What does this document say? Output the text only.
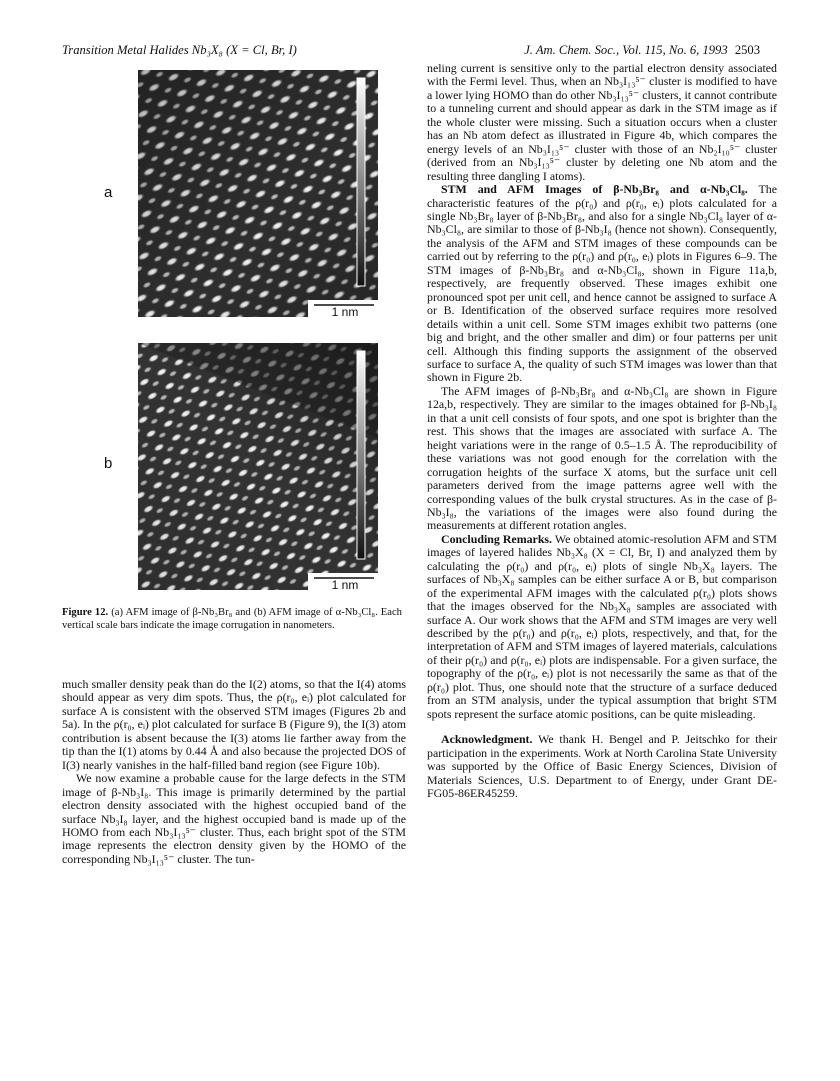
Transition Metal Halides Nb₃X₈ (X = Cl, Br, I)	J. Am. Chem. Soc., Vol. 115, No. 6, 1993 2503
a
1 nm
b
1 nm
Figure 12. (a) AFM image of β-Nb₃Br₈ and (b) AFM image of α-Nb₃Cl₈. Each vertical scale bars indicate the image corrugation in nanometers.

much smaller density peak than do the I(2) atoms, so that the I(4) atoms should appear as very dim spots. Thus, the ρ(r₀, eᵢ) plot calculated for surface A is consistent with the observed STM images (Figures 2b and 5a). In the ρ(r₀, eᵢ) plot calculated for surface B (Figure 9), the I(3) atom contribution is absent because the I(3) atoms lie farther away from the tip than the I(1) atoms by 0.44 Å and also because the projected DOS of I(3) nearly vanishes in the half-filled band region (see Figure 10b).

We now examine a probable cause for the large defects in the STM image of β-Nb₃I₈. This image is primarily determined by the partial electron density associated with the highest occupied band of the surface Nb₃I₈ layer, and the highest occupied band is made up of the HOMO from each Nb₃I₁₃⁵⁻ cluster. Thus, each bright spot of the STM image represents the electron density given by the HOMO of the corresponding Nb₃I₁₃⁵⁻ cluster. The tun-

neling current is sensitive only to the partial electron density associated with the Fermi level. Thus, when an Nb₃I₁₃⁵⁻ cluster is modified to have a lower lying HOMO than do other Nb₃I₁₃⁵⁻ clusters, it cannot contribute to a tunneling current and should appear as dark in the STM image as if the whole cluster were missing. Such a situation occurs when a cluster has an Nb atom defect as illustrated in Figure 4b, which compares the energy levels of an Nb₃I₁₃⁵⁻ cluster with those of an Nb₂I₁₀⁵⁻ cluster (derived from an Nb₃I₁₃⁵⁻ cluster by deleting one Nb atom and the resulting three dangling I atoms).

STM and AFM Images of β-Nb₃Br₈ and α-Nb₃Cl₈. The characteristic features of the ρ(r₀) and ρ(r₀, eᵢ) plots calculated for a single Nb₃Br₈ layer of β-Nb₃Br₈, and also for a single Nb₃Cl₈ layer of α-Nb₃Cl₈, are similar to those of β-Nb₃I₈ (hence not shown). Consequently, the analysis of the AFM and STM images of these compounds can be carried out by referring to the ρ(r₀) and ρ(r₀, eᵢ) plots in Figures 6–9. The STM images of β-Nb₃Br₈ and α-Nb₃Cl₈, shown in Figure 11a,b, respectively, are frequently observed. These images exhibit one pronounced spot per unit cell, and hence cannot be assigned to surface A or B. Identification of the observed surface requires more resolved details within a unit cell. Some STM images exhibit two patterns (one big and bright, and the other smaller and dim) or four patterns per unit cell. Although this finding supports the assignment of the observed surface to surface A, the quality of such STM images was lower than that shown in Figure 2b.

The AFM images of β-Nb₃Br₈ and α-Nb₃Cl₈ are shown in Figure 12a,b, respectively. They are similar to the images obtained for β-Nb₃I₈ in that a unit cell consists of four spots, and one spot is brighter than the rest. This shows that the images are associated with surface A. The height variations were in the range of 0.5–1.5 Å. The reproducibility of these variations was not good enough for the correlation with the corrugation heights of the surface X atoms, but the surface unit cell parameters derived from the image patterns agree well with the corresponding values of the bulk crystal structures. As in the case of β-Nb₃I₈, the variations of the images were also found during the measurements at different rotation angles.

Concluding Remarks. We obtained atomic-resolution AFM and STM images of layered halides Nb₃X₈ (X = Cl, Br, I) and analyzed them by calculating the ρ(r₀) and ρ(r₀, eᵢ) plots of single Nb₃X₈ layers. The surfaces of Nb₃X₈ samples can be either surface A or B, but comparison of the experimental AFM images with the calculated ρ(r₀) plots shows that the images observed for the Nb₃X₈ samples are associated with surface A. Our work shows that the AFM and STM images are very well described by the ρ(r₀) and ρ(r₀, eᵢ) plots, respectively, and that, for the interpretation of AFM and STM images of layered materials, calculations of their ρ(r₀) and ρ(r₀, eᵢ) plots are indispensable. For a given surface, the topography of the ρ(r₀, eᵢ) plot is not necessarily the same as that of the ρ(r₀) plot. Thus, one should note that the structure of a surface deduced from an STM analysis, under the typical assumption that bright STM spots represent the surface atomic positions, can be quite misleading.

Acknowledgment. We thank H. Bengel and P. Jeitschko for their participation in the experiments. Work at North Carolina State University was supported by the Office of Basic Energy Sciences, Division of Materials Sciences, U.S. Department to of Energy, under Grant DE-FG05-86ER45259.
